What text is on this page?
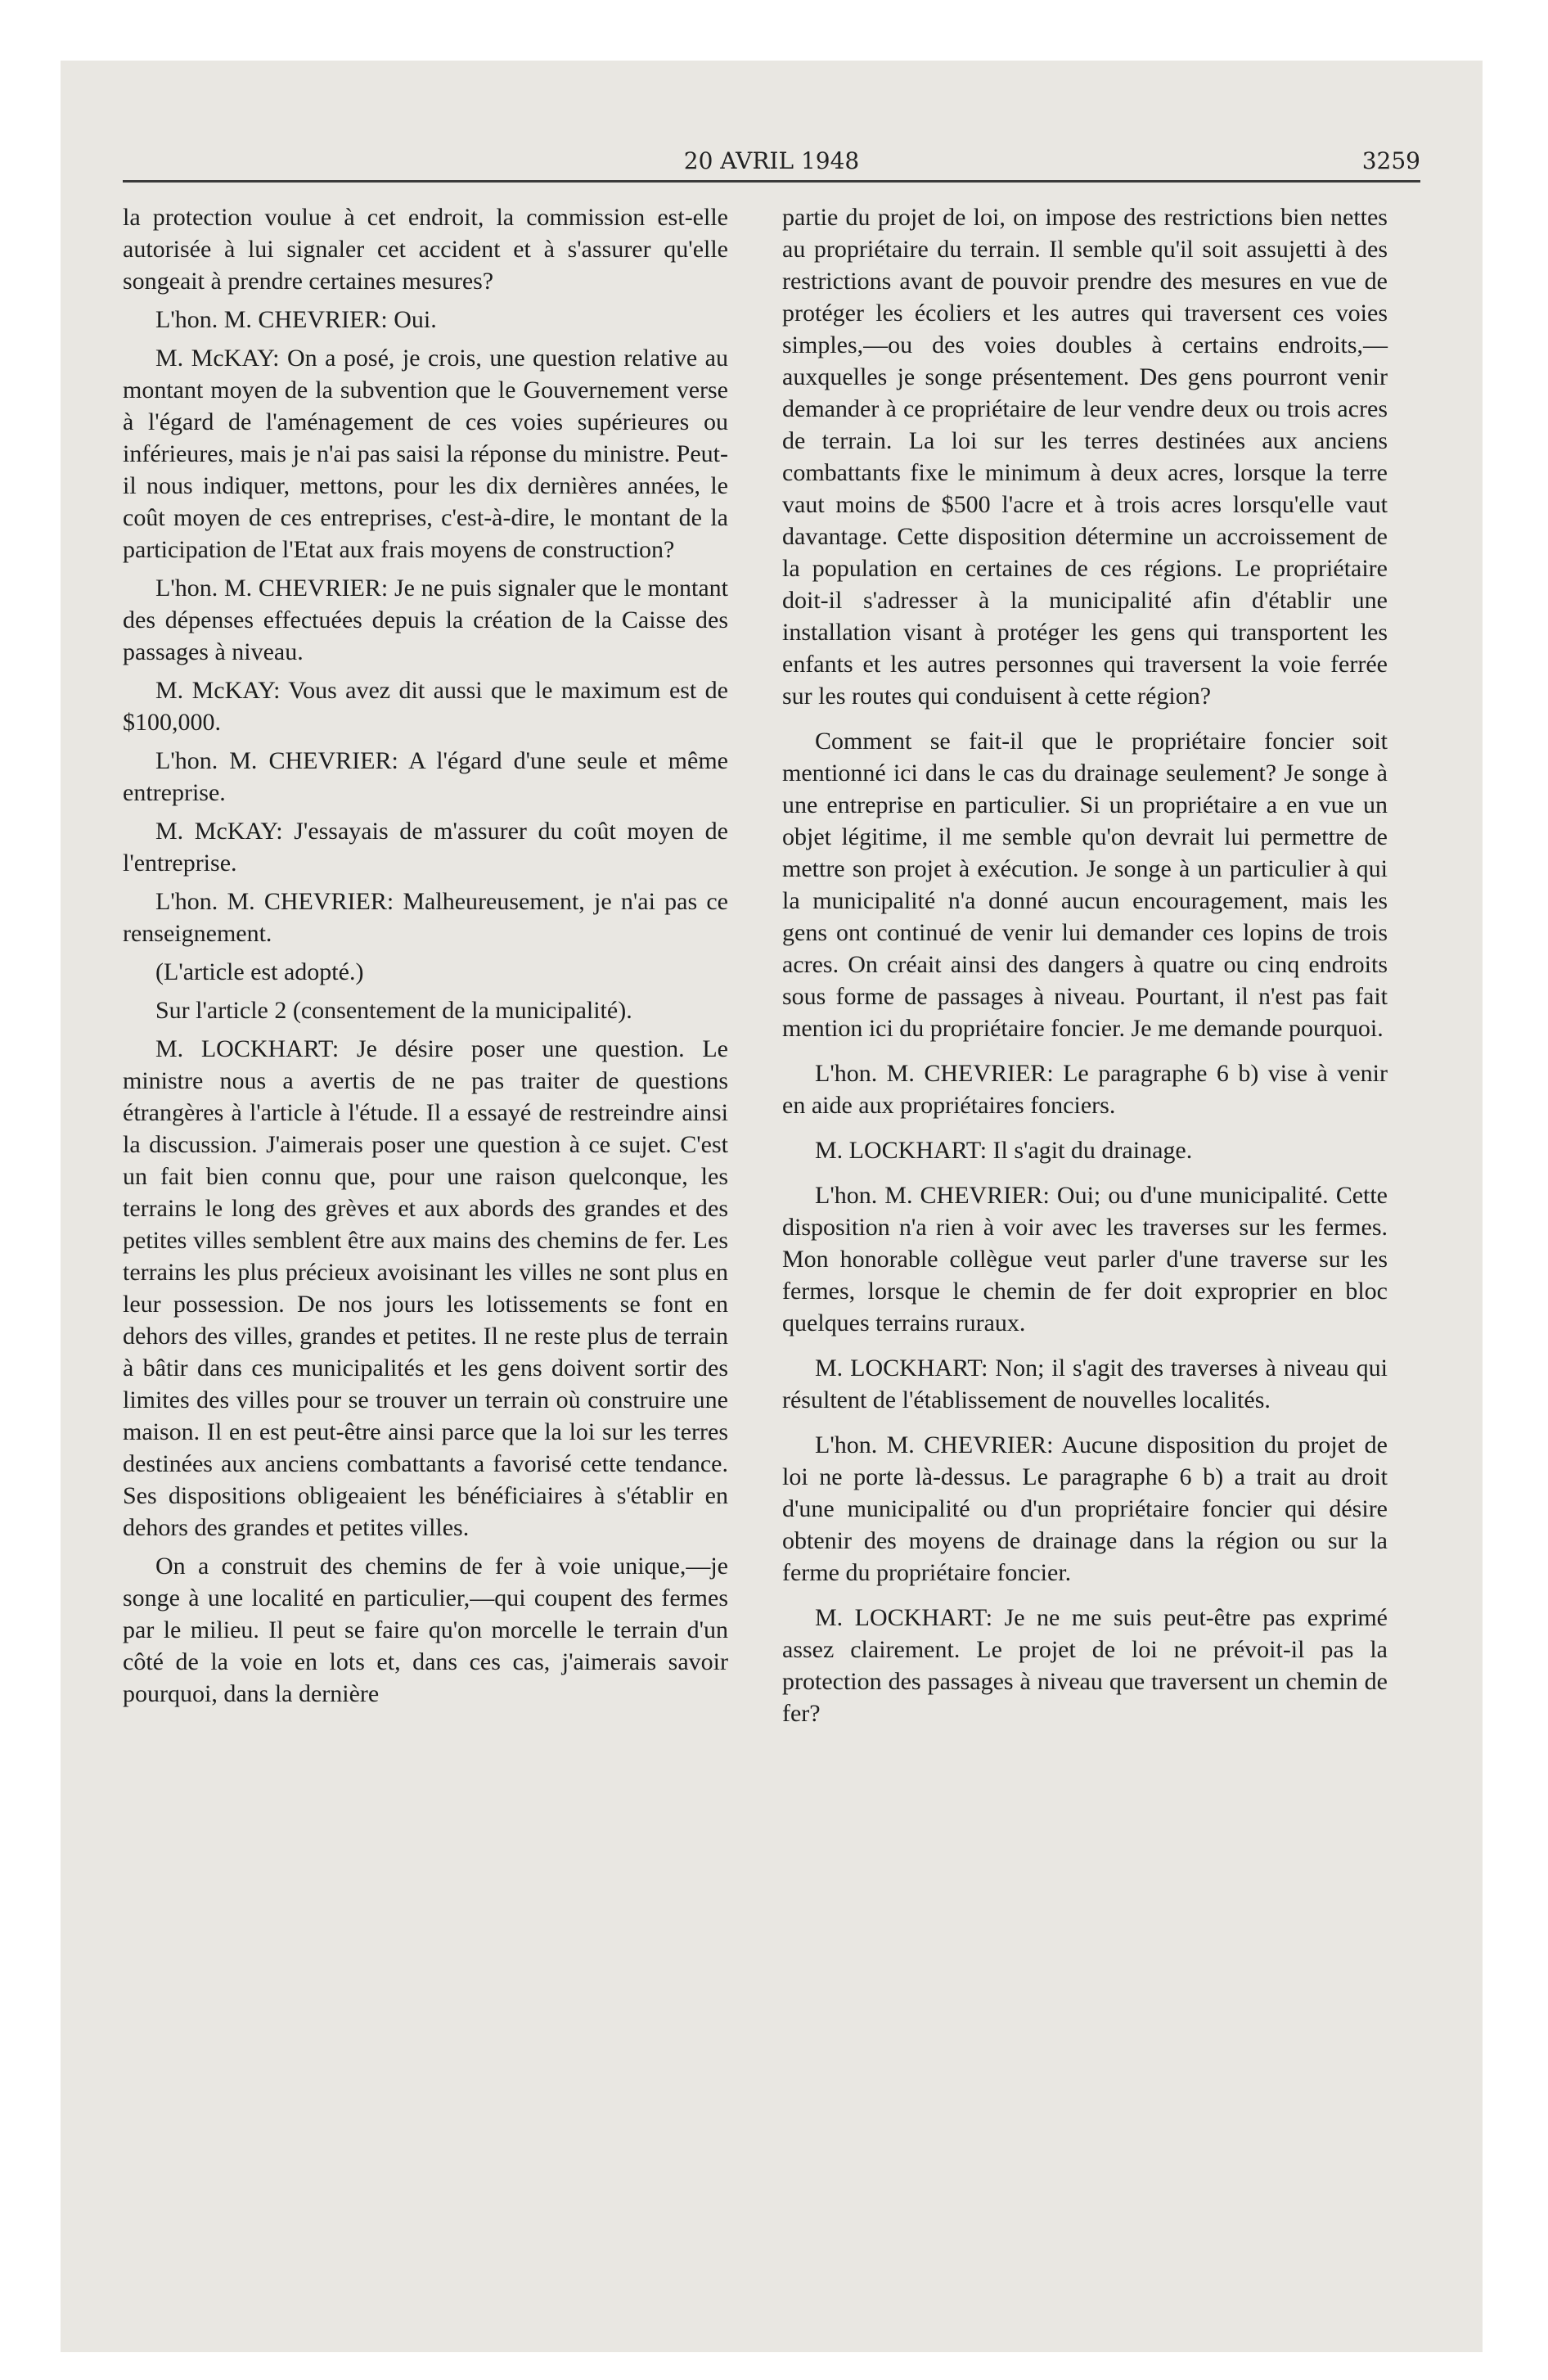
20 AVRIL 1948	3259

la protection voulue à cet endroit, la commission est-elle autorisée à lui signaler cet accident et à s'assurer qu'elle songeait à prendre certaines mesures?

L'hon. M. CHEVRIER: Oui.

M. McKAY: On a posé, je crois, une question relative au montant moyen de la subvention que le Gouvernement verse à l'égard de l'aménagement de ces voies supérieures ou inférieures, mais je n'ai pas saisi la réponse du ministre. Peut-il nous indiquer, mettons, pour les dix dernières années, le coût moyen de ces entreprises, c'est-à-dire, le montant de la participation de l'Etat aux frais moyens de construction?

L'hon. M. CHEVRIER: Je ne puis signaler que le montant des dépenses effectuées depuis la création de la Caisse des passages à niveau.

M. McKAY: Vous avez dit aussi que le maximum est de $100,000.

L'hon. M. CHEVRIER: A l'égard d'une seule et même entreprise.

M. McKAY: J'essayais de m'assurer du coût moyen de l'entreprise.

L'hon. M. CHEVRIER: Malheureusement, je n'ai pas ce renseignement.

(L'article est adopté.)

Sur l'article 2 (consentement de la municipalité).

M. LOCKHART: Je désire poser une question. Le ministre nous a avertis de ne pas traiter de questions étrangères à l'article à l'étude. Il a essayé de restreindre ainsi la discussion. J'aimerais poser une question à ce sujet. C'est un fait bien connu que, pour une raison quelconque, les terrains le long des grèves et aux abords des grandes et des petites villes semblent être aux mains des chemins de fer. Les terrains les plus précieux avoisinant les villes ne sont plus en leur possession. De nos jours les lotissements se font en dehors des villes, grandes et petites. Il ne reste plus de terrain à bâtir dans ces municipalités et les gens doivent sortir des limites des villes pour se trouver un terrain où construire une maison. Il en est peut-être ainsi parce que la loi sur les terres destinées aux anciens combattants a favorisé cette tendance. Ses dispositions obligeaient les bénéficiaires à s'établir en dehors des grandes et petites villes.

On a construit des chemins de fer à voie unique,—je songe à une localité en particulier,—qui coupent des fermes par le milieu. Il peut se faire qu'on morcelle le terrain d'un côté de la voie en lots et, dans ces cas, j'aimerais savoir pourquoi, dans la dernière

partie du projet de loi, on impose des restrictions bien nettes au propriétaire du terrain. Il semble qu'il soit assujetti à des restrictions avant de pouvoir prendre des mesures en vue de protéger les écoliers et les autres qui traversent ces voies simples,—ou des voies doubles à certains endroits,—auxquelles je songe présentement. Des gens pourront venir demander à ce propriétaire de leur vendre deux ou trois acres de terrain. La loi sur les terres destinées aux anciens combattants fixe le minimum à deux acres, lorsque la terre vaut moins de $500 l'acre et à trois acres lorsqu'elle vaut davantage. Cette disposition détermine un accroissement de la population en certaines de ces régions. Le propriétaire doit-il s'adresser à la municipalité afin d'établir une installation visant à protéger les gens qui transportent les enfants et les autres personnes qui traversent la voie ferrée sur les routes qui conduisent à cette région?

Comment se fait-il que le propriétaire foncier soit mentionné ici dans le cas du drainage seulement? Je songe à une entreprise en particulier. Si un propriétaire a en vue un objet légitime, il me semble qu'on devrait lui permettre de mettre son projet à exécution. Je songe à un particulier à qui la municipalité n'a donné aucun encouragement, mais les gens ont continué de venir lui demander ces lopins de trois acres. On créait ainsi des dangers à quatre ou cinq endroits sous forme de passages à niveau. Pourtant, il n'est pas fait mention ici du propriétaire foncier. Je me demande pourquoi.

L'hon. M. CHEVRIER: Le paragraphe 6 b) vise à venir en aide aux propriétaires fonciers.

M. LOCKHART: Il s'agit du drainage.

L'hon. M. CHEVRIER: Oui; ou d'une municipalité. Cette disposition n'a rien à voir avec les traverses sur les fermes. Mon honorable collègue veut parler d'une traverse sur les fermes, lorsque le chemin de fer doit exproprier en bloc quelques terrains ruraux.

M. LOCKHART: Non; il s'agit des traverses à niveau qui résultent de l'établissement de nouvelles localités.

L'hon. M. CHEVRIER: Aucune disposition du projet de loi ne porte là-dessus. Le paragraphe 6 b) a trait au droit d'une municipalité ou d'un propriétaire foncier qui désire obtenir des moyens de drainage dans la région ou sur la ferme du propriétaire foncier.

M. LOCKHART: Je ne me suis peut-être pas exprimé assez clairement. Le projet de loi ne prévoit-il pas la protection des passages à niveau que traversent un chemin de fer?
